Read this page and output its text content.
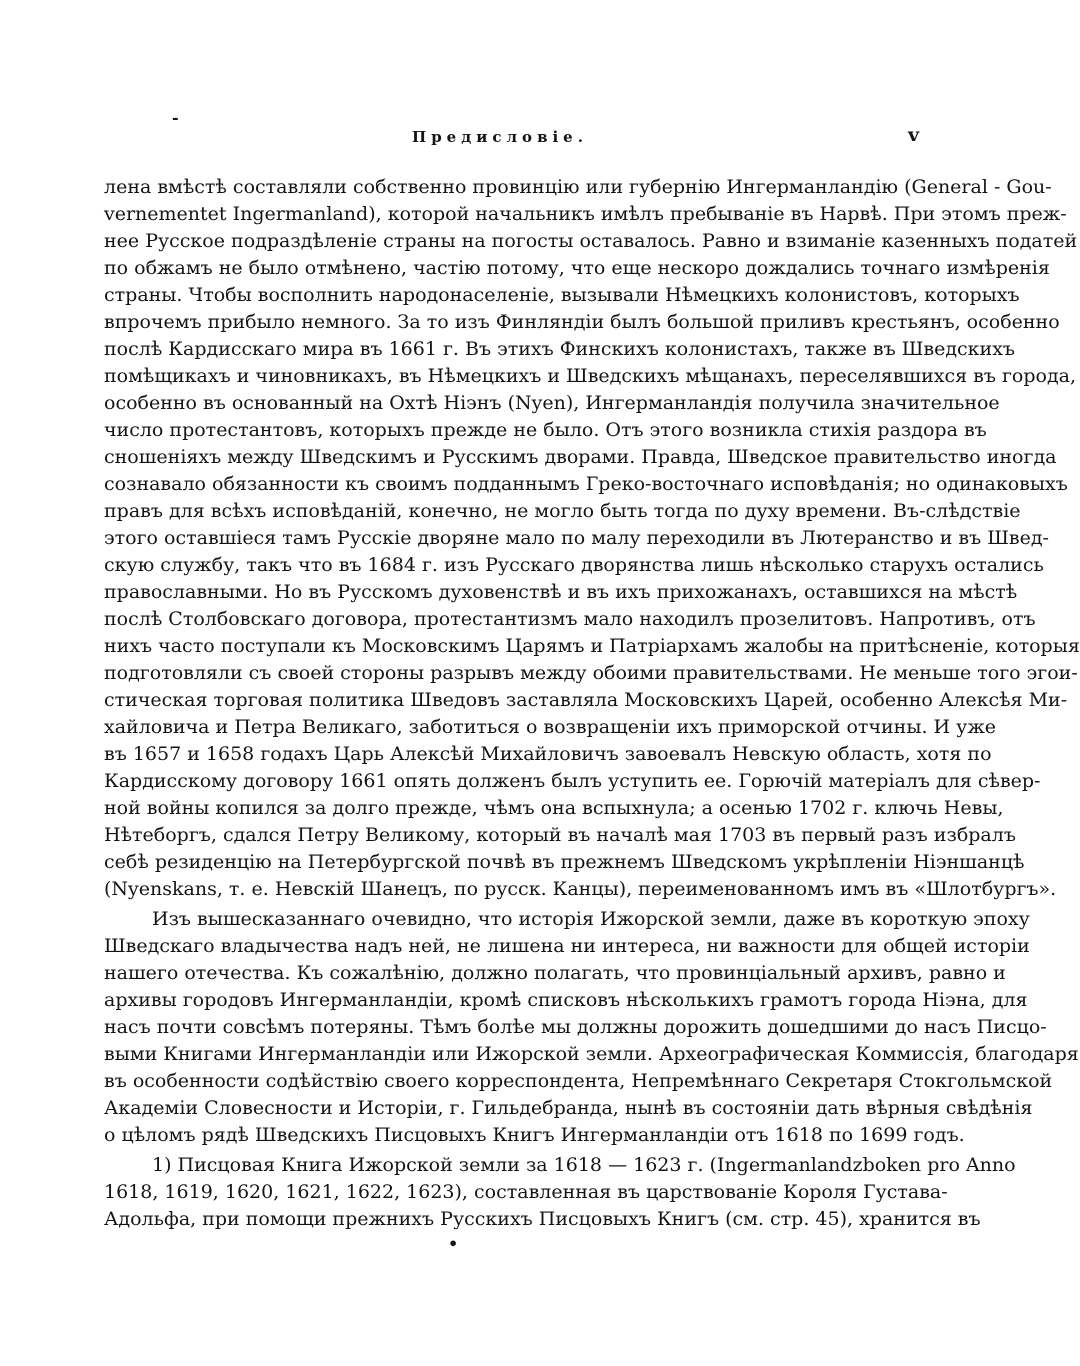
-
Предисловіе.	v
лена вмѣстѣ составляли собственно провинцію или губернію Ингерманландію (General - Gou-
vernementet Ingermanland), которой начальникъ имѣлъ пребываніе въ Нарвѣ. При этомъ преж-
нее Русское подраздѣленіе страны на погосты оставалось. Равно и взиманіе казенныхъ податей
по обжамъ не было отмѣнено, частію потому, что еще нескоро дождались точнаго измѣренія
страны. Чтобы восполнить народонаселеніе, вызывали Нѣмецкихъ колонистовъ, которыхъ
впрочемъ прибыло немного. За то изъ Финляндіи былъ большой приливъ крестьянъ, особенно
послѣ Кардисскаго мира въ 1661 г. Въ этихъ Финскихъ колонистахъ, также въ Шведскихъ
помѣщикахъ и чиновникахъ, въ Нѣмецкихъ и Шведскихъ мѣщанахъ, переселявшихся въ города,
особенно въ основанный на Охтѣ Ніэнъ (Nyen), Ингерманландія получила значительное
число протестантовъ, которыхъ прежде не было. Отъ этого возникла стихія раздора въ
сношеніяхъ между Шведскимъ и Русскимъ дворами. Правда, Шведское правительство иногда
сознавало обязанности къ своимъ подданнымъ Греко-восточнаго исповѣданія; но одинаковыхъ
правъ для всѣхъ исповѣданій, конечно, не могло быть тогда по духу времени. Въ-слѣдствіе
этого оставшіеся тамъ Русскіе дворяне мало по малу переходили въ Лютеранство и въ Швед-
скую службу, такъ что въ 1684 г. изъ Русскаго дворянства лишь нѣсколько старухъ остались
православными. Но въ Русскомъ духовенствѣ и въ ихъ прихожанахъ, оставшихся на мѣстѣ
послѣ Столбовскаго договора, протестантизмъ мало находилъ прозелитовъ. Напротивъ, отъ
нихъ часто поступали къ Московскимъ Царямъ и Патріархамъ жалобы на притѣсненіе, которыя
подготовляли съ своей стороны разрывъ между обоими правительствами. Не меньше того эгои-
стическая торговая политика Шведовъ заставляла Московскихъ Царей, особенно Алексѣя Ми-
хайловича и Петра Великаго, заботиться о возвращеніи ихъ приморской отчины. И уже
въ 1657 и 1658 годахъ Царь Алексѣй Михайловичъ завоевалъ Невскую область, хотя по
Кардисскому договору 1661 опять долженъ былъ уступить ее. Горючій матеріалъ для сѣвер-
ной войны копился за долго прежде, чѣмъ она вспыхнула; а осенью 1702 г. ключь Невы,
Нѣтеборгъ, сдался Петру Великому, который въ началѣ мая 1703 въ первый разъ избралъ
себѣ резиденцію на Петербургской почвѣ въ прежнемъ Шведскомъ укрѣпленіи Ніэншанцѣ
(Nyenskans, т. е. Невскій Шанецъ, по русск. Канцы), переименованномъ имъ въ «Шлотбургъ».
Изъ вышесказаннаго очевидно, что исторія Ижорской земли, даже въ короткую эпоху
Шведскаго владычества надъ ней, не лишена ни интереса, ни важности для общей исторіи
нашего отечества. Къ сожалѣнію, должно полагать, что провинціальный архивъ, равно и
архивы городовъ Ингерманландіи, кромѣ списковъ нѣсколькихъ грамотъ города Ніэна, для
насъ почти совсѣмъ потеряны. Тѣмъ болѣе мы должны дорожить дошедшими до насъ Писцо-
выми Книгами Ингерманландіи или Ижорской земли. Археографическая Коммиссія, благодаря
въ особенности содѣйствію своего корреспондента, Непремѣннаго Секретаря Стокгольмской
Академіи Словесности и Исторіи, г. Гильдебранда, нынѣ въ состояніи дать вѣрныя свѣдѣнія
о цѣломъ рядѣ Шведскихъ Писцовыхъ Книгъ Ингерманландіи отъ 1618 по 1699 годъ.
1) Писцовая Книга Ижорской земли за 1618 — 1623 г. (Ingermanlandzboken pro Anno
1618, 1619, 1620, 1621, 1622, 1623), составленная въ царствованіе Короля Густава-
Адольфа, при помощи прежнихъ Русскихъ Писцовыхъ Книгъ (см. стр. 45), хранится въ
•
